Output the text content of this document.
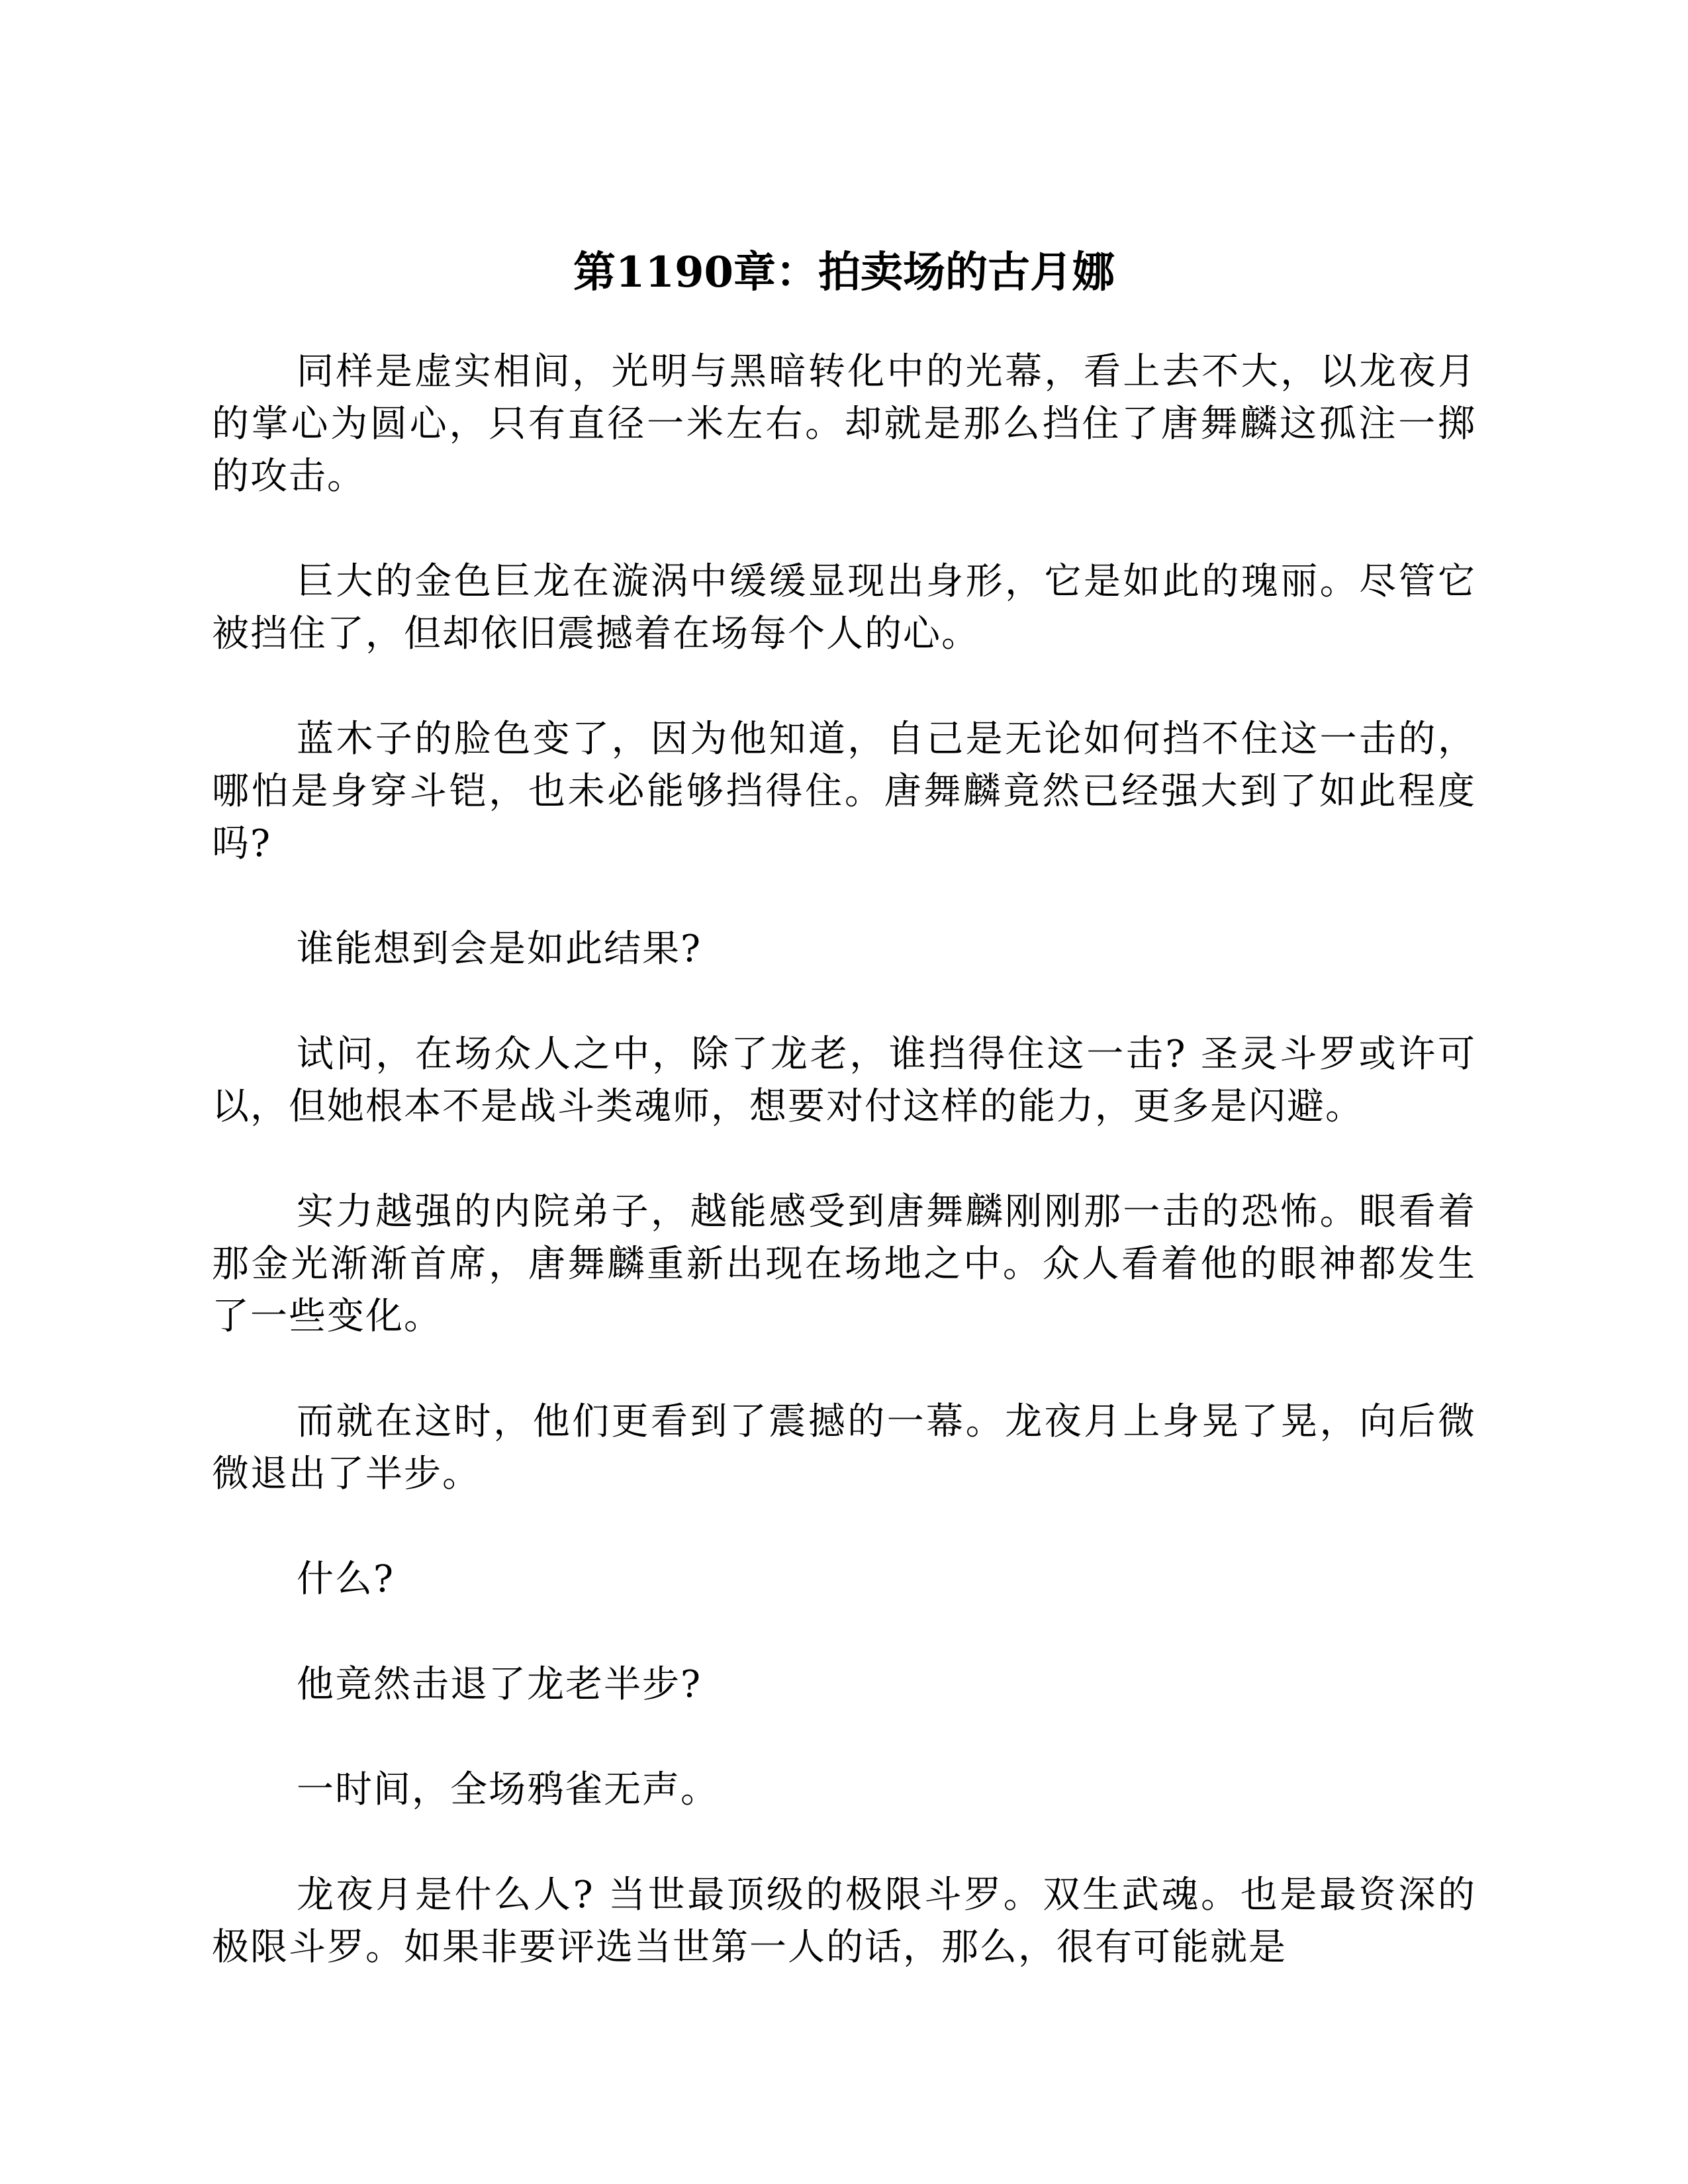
第1190章：拍卖场的古月娜

同样是虚实相间，光明与黑暗转化中的光幕，看上去不大，以龙夜月的掌心为圆心，只有直径一米左右。却就是那么挡住了唐舞麟这孤注一掷的攻击。

巨大的金色巨龙在漩涡中缓缓显现出身形，它是如此的瑰丽。尽管它被挡住了，但却依旧震撼着在场每个人的心。

蓝木子的脸色变了，因为他知道，自己是无论如何挡不住这一击的，哪怕是身穿斗铠，也未必能够挡得住。唐舞麟竟然已经强大到了如此程度吗?

谁能想到会是如此结果?

试问，在场众人之中，除了龙老，谁挡得住这一击? 圣灵斗罗或许可以，但她根本不是战斗类魂师，想要对付这样的能力，更多是闪避。

实力越强的内院弟子，越能感受到唐舞麟刚刚那一击的恐怖。眼看着那金光渐渐首席，唐舞麟重新出现在场地之中。众人看着他的眼神都发生了一些变化。

而就在这时，他们更看到了震撼的一幕。龙夜月上身晃了晃，向后微微退出了半步。

什么?

他竟然击退了龙老半步?

一时间，全场鸦雀无声。

龙夜月是什么人? 当世最顶级的极限斗罗。双生武魂。也是最资深的极限斗罗。如果非要评选当世第一人的话，那么，很有可能就是
